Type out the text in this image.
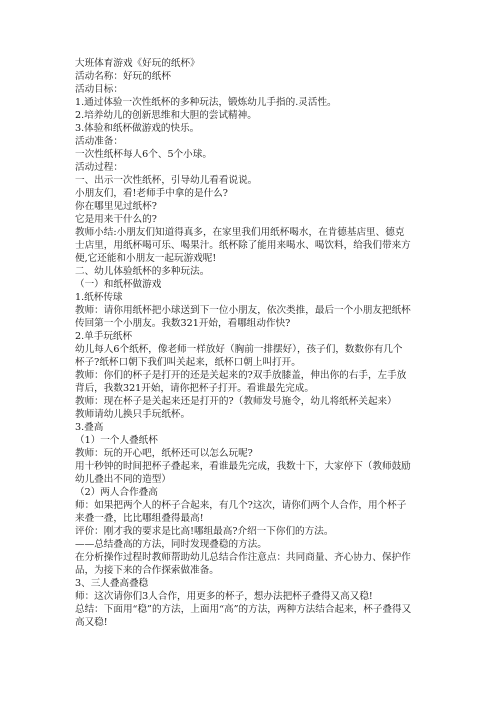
大班体育游戏《好玩的纸杯》
活动名称：好玩的纸杯
活动目标：
1.通过体验一次性纸杯的多种玩法，锻炼幼儿手指的.灵活性。
2.培养幼儿的创新思维和大胆的尝试精神。
3.体验和纸杯做游戏的快乐。
活动准备：
一次性纸杯每人6个、5个小球。
活动过程：
一、出示一次性纸杯，引导幼儿看看说说。
小朋友们，看!老师手中拿的是什么?
你在哪里见过纸杯?
它是用来干什么的?
教师小结:小朋友们知道得真多，在家里我们用纸杯喝水，在肯德基店里、德克
士店里，用纸杯喝可乐、喝果汁。纸杯除了能用来喝水、喝饮料，给我们带来方
便,它还能和小朋友一起玩游戏呢!
二、幼儿体验纸杯的多种玩法。
（一）和纸杯做游戏
1.纸杯传球
教师：请你用纸杯把小球送到下一位小朋友，依次类推，最后一个小朋友把纸杯
传回第一个小朋友。我数321开始，看哪组动作快?
2.单手玩纸杯
幼儿每人6个纸杯，像老师一样放好（胸前一排摆好），孩子们，数数你有几个
杯子?纸杯口朝下我们叫关起来，纸杯口朝上叫打开。
教师：你们的杯子是打开的还是关起来的?双手放膝盖，伸出你的右手，左手放
背后，我数321开始，请你把杯子打开。看谁最先完成。
教师：现在杯子是关起来还是打开的?（教师发号施令，幼儿将纸杯关起来）
教师请幼儿换只手玩纸杯。
3.叠高
（1）一个人叠纸杯
教师：玩的开心吧，纸杯还可以怎么玩呢?
用十秒钟的时间把杯子叠起来，看谁最先完成，我数十下，大家停下（教师鼓励
幼儿叠出不同的造型）
（2）两人合作叠高
师：如果把两个人的杯子合起来，有几个?这次，请你们两个人合作，用个杯子
来叠一叠，比比哪组叠得最高!
评价：刚才我的要求是比高!哪组最高?介绍一下你们的方法。
——总结叠高的方法，同时发现叠稳的方法。
在分析操作过程时教师帮助幼儿总结合作注意点：共同商量、齐心协力、保护作
品，为接下来的合作探索做准备。
3、三人叠高叠稳
师：这次请你们3人合作，用更多的杯子，想办法把杯子叠得又高又稳!
总结：下面用“稳”的方法，上面用“高”的方法，两种方法结合起来，杯子叠得又
高又稳!
